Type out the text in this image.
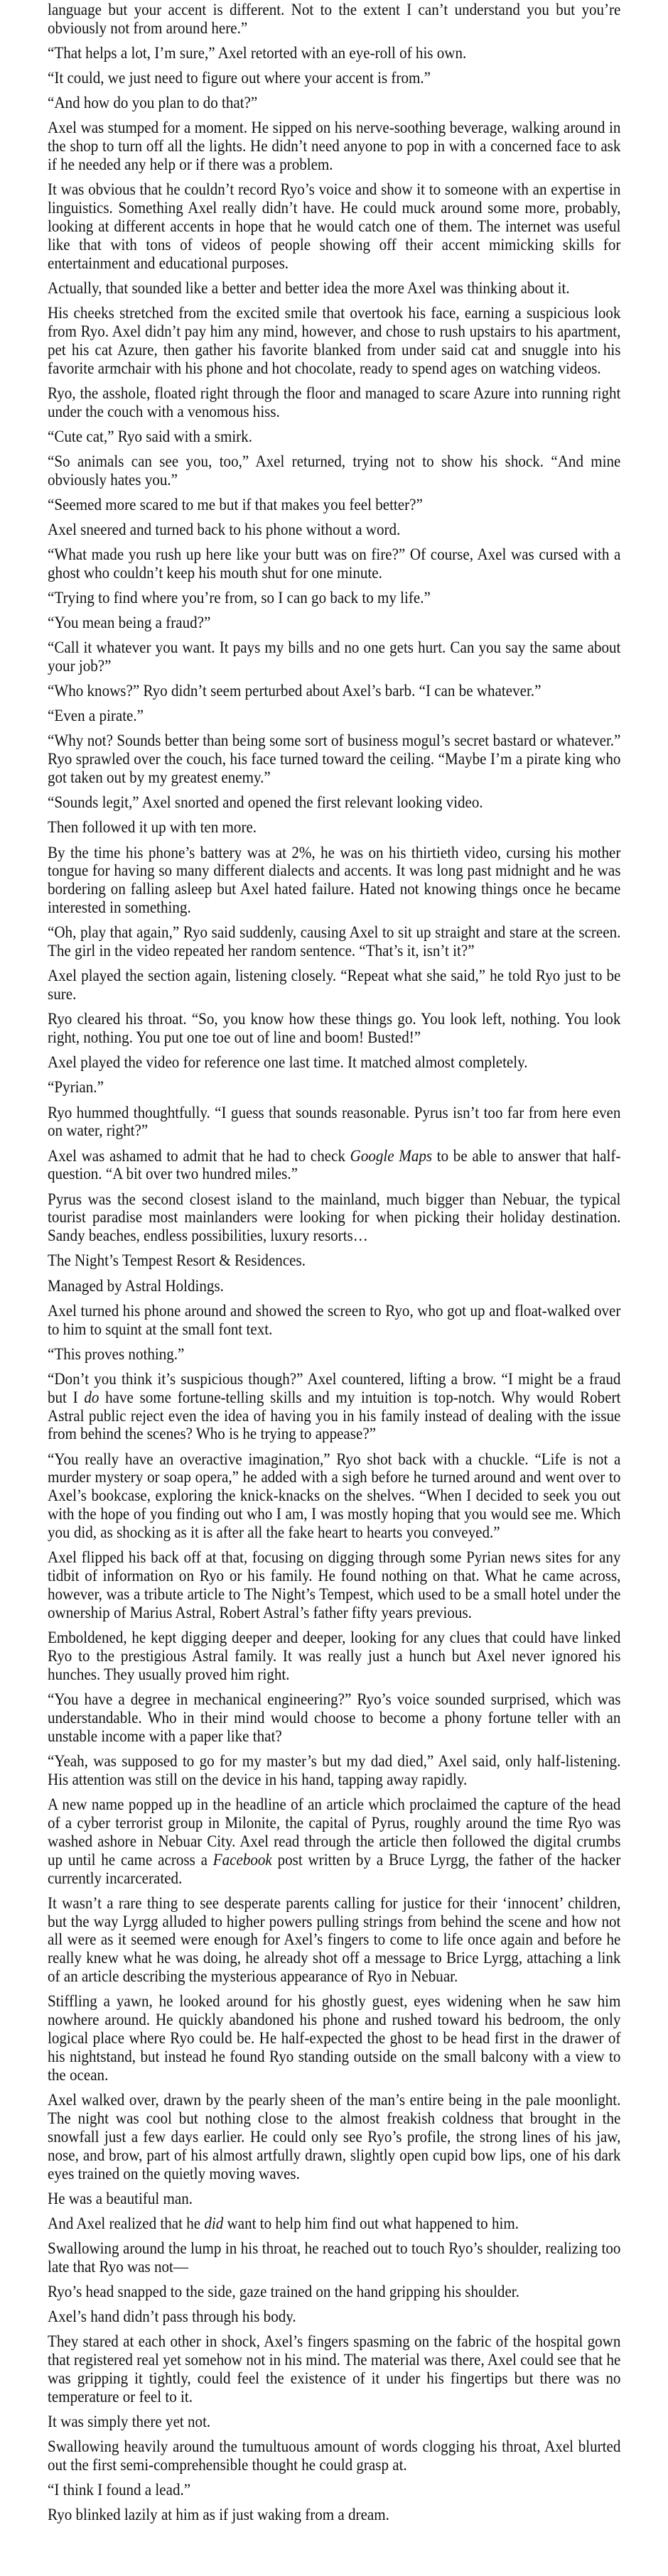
language but your accent is different. Not to the extent I can’t understand you but you’re obviously not from around here.”

“That helps a lot, I’m sure,” Axel retorted with an eye-roll of his own.

“It could, we just need to figure out where your accent is from.”

“And how do you plan to do that?”

Axel was stumped for a moment. He sipped on his nerve-soothing beverage, walking around in the shop to turn off all the lights. He didn’t need anyone to pop in with a concerned face to ask if he needed any help or if there was a problem.

It was obvious that he couldn’t record Ryo’s voice and show it to someone with an expertise in linguistics. Something Axel really didn’t have. He could muck around some more, probably, looking at different accents in hope that he would catch one of them. The internet was useful like that with tons of videos of people showing off their accent mimicking skills for entertainment and educational purposes.

Actually, that sounded like a better and better idea the more Axel was thinking about it.

His cheeks stretched from the excited smile that overtook his face, earning a suspicious look from Ryo. Axel didn’t pay him any mind, however, and chose to rush upstairs to his apartment, pet his cat Azure, then gather his favorite blanked from under said cat and snuggle into his favorite armchair with his phone and hot chocolate, ready to spend ages on watching videos.

Ryo, the asshole, floated right through the floor and managed to scare Azure into running right under the couch with a venomous hiss.

“Cute cat,” Ryo said with a smirk.

“So animals can see you, too,” Axel returned, trying not to show his shock. “And mine obviously hates you.”

“Seemed more scared to me but if that makes you feel better?”

Axel sneered and turned back to his phone without a word.

“What made you rush up here like your butt was on fire?” Of course, Axel was cursed with a ghost who couldn’t keep his mouth shut for one minute.

“Trying to find where you’re from, so I can go back to my life.”

“You mean being a fraud?”

“Call it whatever you want. It pays my bills and no one gets hurt. Can you say the same about your job?”

“Who knows?” Ryo didn’t seem perturbed about Axel’s barb. “I can be whatever.”

“Even a pirate.”

“Why not? Sounds better than being some sort of business mogul’s secret bastard or whatever.” Ryo sprawled over the couch, his face turned toward the ceiling. “Maybe I’m a pirate king who got taken out by my greatest enemy.”

“Sounds legit,” Axel snorted and opened the first relevant looking video.

Then followed it up with ten more.

By the time his phone’s battery was at 2%, he was on his thirtieth video, cursing his mother tongue for having so many different dialects and accents. It was long past midnight and he was bordering on falling asleep but Axel hated failure. Hated not knowing things once he became interested in something.

“Oh, play that again,” Ryo said suddenly, causing Axel to sit up straight and stare at the screen. The girl in the video repeated her random sentence. “That’s it, isn’t it?”

Axel played the section again, listening closely. “Repeat what she said,” he told Ryo just to be sure.

Ryo cleared his throat. “So, you know how these things go. You look left, nothing. You look right, nothing. You put one toe out of line and boom! Busted!”

Axel played the video for reference one last time. It matched almost completely.

“Pyrian.”

Ryo hummed thoughtfully. “I guess that sounds reasonable. Pyrus isn’t too far from here even on water, right?”

Axel was ashamed to admit that he had to check Google Maps to be able to answer that half-question. “A bit over two hundred miles.”

Pyrus was the second closest island to the mainland, much bigger than Nebuar, the typical tourist paradise most mainlanders were looking for when picking their holiday destination. Sandy beaches, endless possibilities, luxury resorts…

The Night’s Tempest Resort & Residences.

Managed by Astral Holdings.

Axel turned his phone around and showed the screen to Ryo, who got up and float-walked over to him to squint at the small font text.

“This proves nothing.”

“Don’t you think it’s suspicious though?” Axel countered, lifting a brow. “I might be a fraud but I do have some fortune-telling skills and my intuition is top-notch. Why would Robert Astral public reject even the idea of having you in his family instead of dealing with the issue from behind the scenes? Who is he trying to appease?”

“You really have an overactive imagination,” Ryo shot back with a chuckle. “Life is not a murder mystery or soap opera,” he added with a sigh before he turned around and went over to Axel’s bookcase, exploring the knick-knacks on the shelves. “When I decided to seek you out with the hope of you finding out who I am, I was mostly hoping that you would see me. Which you did, as shocking as it is after all the fake heart to hearts you conveyed.”

Axel flipped his back off at that, focusing on digging through some Pyrian news sites for any tidbit of information on Ryo or his family. He found nothing on that. What he came across, however, was a tribute article to The Night’s Tempest, which used to be a small hotel under the ownership of Marius Astral, Robert Astral’s father fifty years previous.

Emboldened, he kept digging deeper and deeper, looking for any clues that could have linked Ryo to the prestigious Astral family. It was really just a hunch but Axel never ignored his hunches. They usually proved him right.

“You have a degree in mechanical engineering?” Ryo’s voice sounded surprised, which was understandable. Who in their mind would choose to become a phony fortune teller with an unstable income with a paper like that?

“Yeah, was supposed to go for my master’s but my dad died,” Axel said, only half-listening. His attention was still on the device in his hand, tapping away rapidly.

A new name popped up in the headline of an article which proclaimed the capture of the head of a cyber terrorist group in Milonite, the capital of Pyrus, roughly around the time Ryo was washed ashore in Nebuar City. Axel read through the article then followed the digital crumbs up until he came across a Facebook post written by a Bruce Lyrgg, the father of the hacker currently incarcerated.

It wasn’t a rare thing to see desperate parents calling for justice for their ‘innocent’ children, but the way Lyrgg alluded to higher powers pulling strings from behind the scene and how not all were as it seemed were enough for Axel’s fingers to come to life once again and before he really knew what he was doing, he already shot off a message to Brice Lyrgg, attaching a link of an article describing the mysterious appearance of Ryo in Nebuar.

Stiffling a yawn, he looked around for his ghostly guest, eyes widening when he saw him nowhere around. He quickly abandoned his phone and rushed toward his bedroom, the only logical place where Ryo could be. He half-expected the ghost to be head first in the drawer of his nightstand, but instead he found Ryo standing outside on the small balcony with a view to the ocean.

Axel walked over, drawn by the pearly sheen of the man’s entire being in the pale moonlight. The night was cool but nothing close to the almost freakish coldness that brought in the snowfall just a few days earlier. He could only see Ryo’s profile, the strong lines of his jaw, nose, and brow, part of his almost artfully drawn, slightly open cupid bow lips, one of his dark eyes trained on the quietly moving waves.

He was a beautiful man.

And Axel realized that he did want to help him find out what happened to him.

Swallowing around the lump in his throat, he reached out to touch Ryo’s shoulder, realizing too late that Ryo was not—

Ryo’s head snapped to the side, gaze trained on the hand gripping his shoulder.

Axel’s hand didn’t pass through his body.

They stared at each other in shock, Axel’s fingers spasming on the fabric of the hospital gown that registered real yet somehow not in his mind. The material was there, Axel could see that he was gripping it tightly, could feel the existence of it under his fingertips but there was no temperature or feel to it.

It was simply there yet not.

Swallowing heavily around the tumultuous amount of words clogging his throat, Axel blurted out the first semi-comprehensible thought he could grasp at.

“I think I found a lead.”

Ryo blinked lazily at him as if just waking from a dream.
